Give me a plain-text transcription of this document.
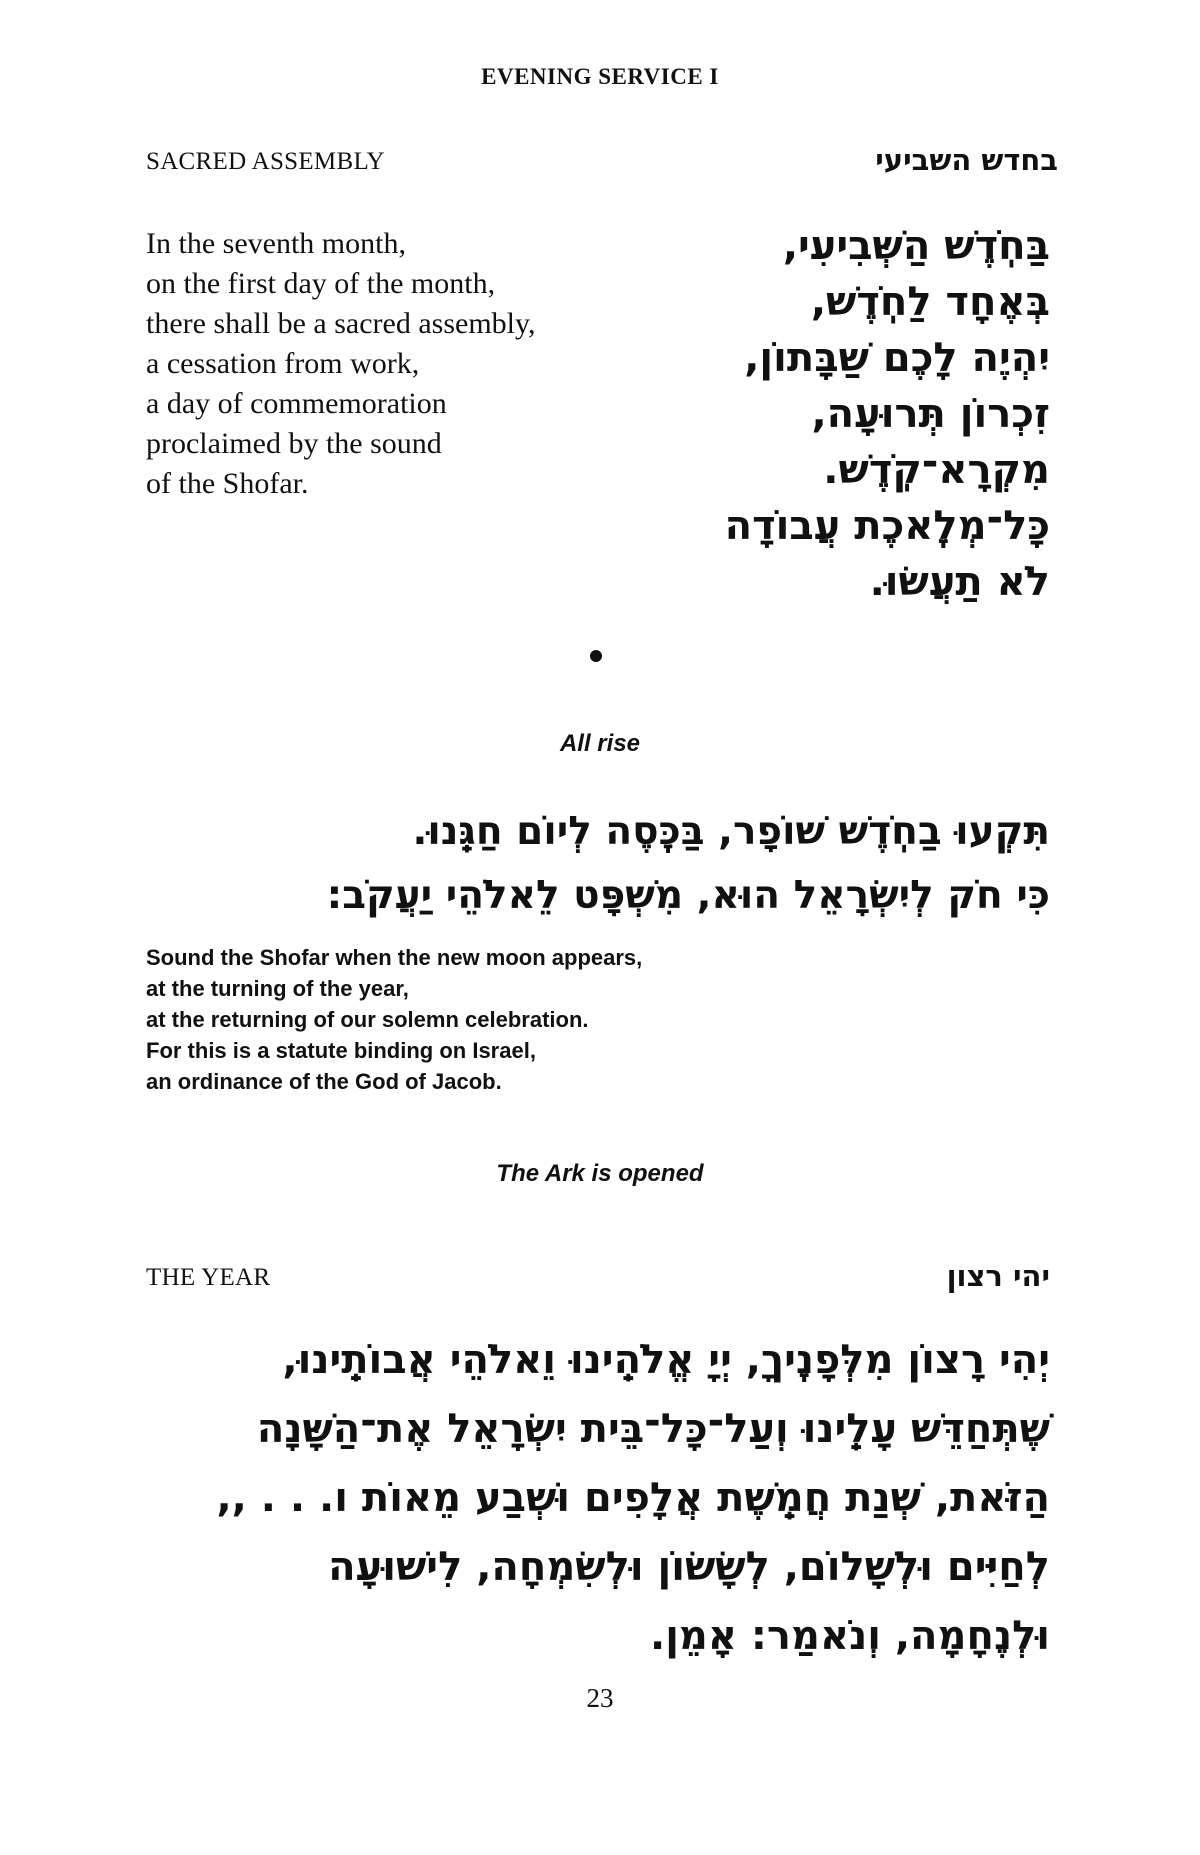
EVENING SERVICE I
SACRED ASSEMBLY	בחדש השביעי
In the seventh month,
on the first day of the month,
there shall be a sacred assembly,
a cessation from work,
a day of commemoration
proclaimed by the sound
of the Shofar.
בַּחֹֽדֶשׁ הַשְּׁבִיעִי,
בְּאֶחָד לַחֹֽדֶשׁ,
יִהְיֶה לָכֶם שַׁבָּתוֹן,
זִכְרוֹן תְּרוּעָה,
מִקְרָא־קֹֽדֶשׁ.
כָּל־מְלֶֽאכֶת עֲבוֹדָה
לֹא תַעֲשׂוּ.
All rise
תִּקְעוּ בַחֹֽדֶשׁ שׁוֹפָר, בַּכֶּֽסֶה לְיוֹם חַגֵּֽנוּ.
כִּי חֹק לְיִשְׂרָאֵל הוּא, מִשְׁפָּט לֵאלֹהֵי יַעֲקֹב:
Sound the Shofar when the new moon appears,
at the turning of the year,
at the returning of our solemn celebration.
For this is a statute binding on Israel,
an ordinance of the God of Jacob.
The Ark is opened
THE YEAR	יהי רצון
יְהִי רָצוֹן מִלְּפָנֶֽיךָ, יְיָ אֱלֹהֵֽינוּ וֵאלֹהֵי אֲבוֹתֵֽינוּ,
שֶׁתְּחַדֵּשׁ עָלֵֽינוּ וְעַל־כָּל־בֵּית יִשְׂרָאֵל אֶת־הַשָּׁנָה
הַזֹּאת, שְׁנַת חֲמֵֽשֶׁת אֲלָפִים וּשְׁבַע מֵאוֹת ו. . . ,,
לְחַיִּים וּלְשָׁלוֹם, לְשָׂשׂוֹן וּלְשִׂמְחָה, לִישׁוּעָה
וּלְנֶחָמָה, וְנֹאמַר: אָמֵן.
23
